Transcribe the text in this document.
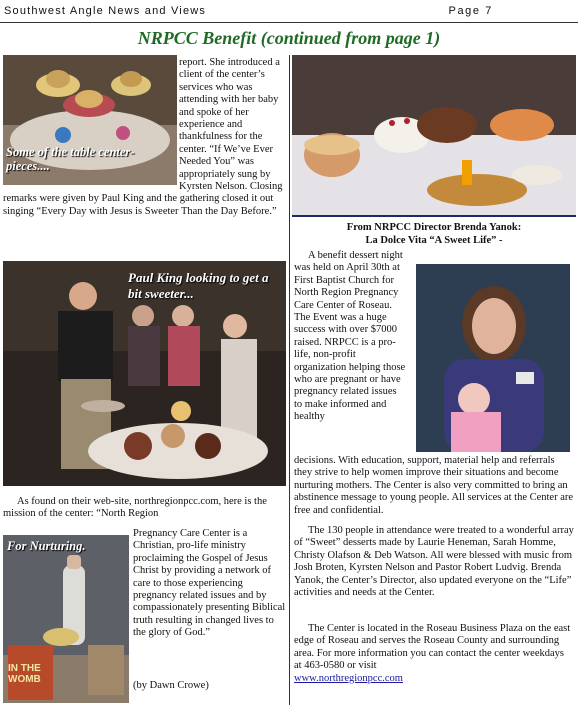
Southwest Angle News and Views	Page 7
NRPCC Benefit (continued from page 1)
Some of the table center-pieces....

report. She introduced a client of the center’s services who was attending with her baby and spoke of her experience and thankfulness for the center. “If We’ve Ever Needed You” was appropriately sung by Kyrsten Nelson. Closing remarks were given by Paul King and the gathering closed it out singing “Every Day with Jesus is Sweeter Than the Day Before.”

Paul King looking to get a bit sweeter...
As found on their web-site, northregionpcc.com, here is the mission of the center: “North Region
For Nurturing.
IN THE WOMB
Pregnancy Care Center is a Christian, pro-life ministry proclaiming the Gospel of Jesus Christ by providing a network of care to those experiencing pregnancy related issues and by compassionately presenting Biblical truth resulting in changed lives to the glory of God.”
(by Dawn Crowe)
From NRPCC Director Brenda Yanok:
La Dolce Vita “A Sweet Life” -
A benefit dessert night was held on April 30th at First Baptist Church for North Region Pregnancy Care Center of Roseau. The Event was a huge success with over $7000 raised. NRPCC is a pro-life, non-profit organization helping those who are pregnant or have pregnancy related issues to make informed and healthy
decisions. With education, support, material help and referrals they strive to help women improve their situations and become nurturing mothers. The Center is also very committed to bring an abstinence message to young people. All services at the Center are free and confidential.
The 130 people in attendance were treated to a wonderful array of “Sweet” desserts made by Laurie Heneman, Sarah Homme, Christy Olafson & Deb Watson. All were blessed with music from Josh Broten, Kyrsten Nelson and Pastor Robert Ludvig. Brenda Yanok, the Center’s Director, also updated everyone on the “Life” activities and needs at the Center.
The Center is located in the Roseau Business Plaza on the east edge of Roseau and serves the Roseau County and surrounding area. For more information you can contact the center weekdays at 463-0580 or visit
www.northregionpcc.com
